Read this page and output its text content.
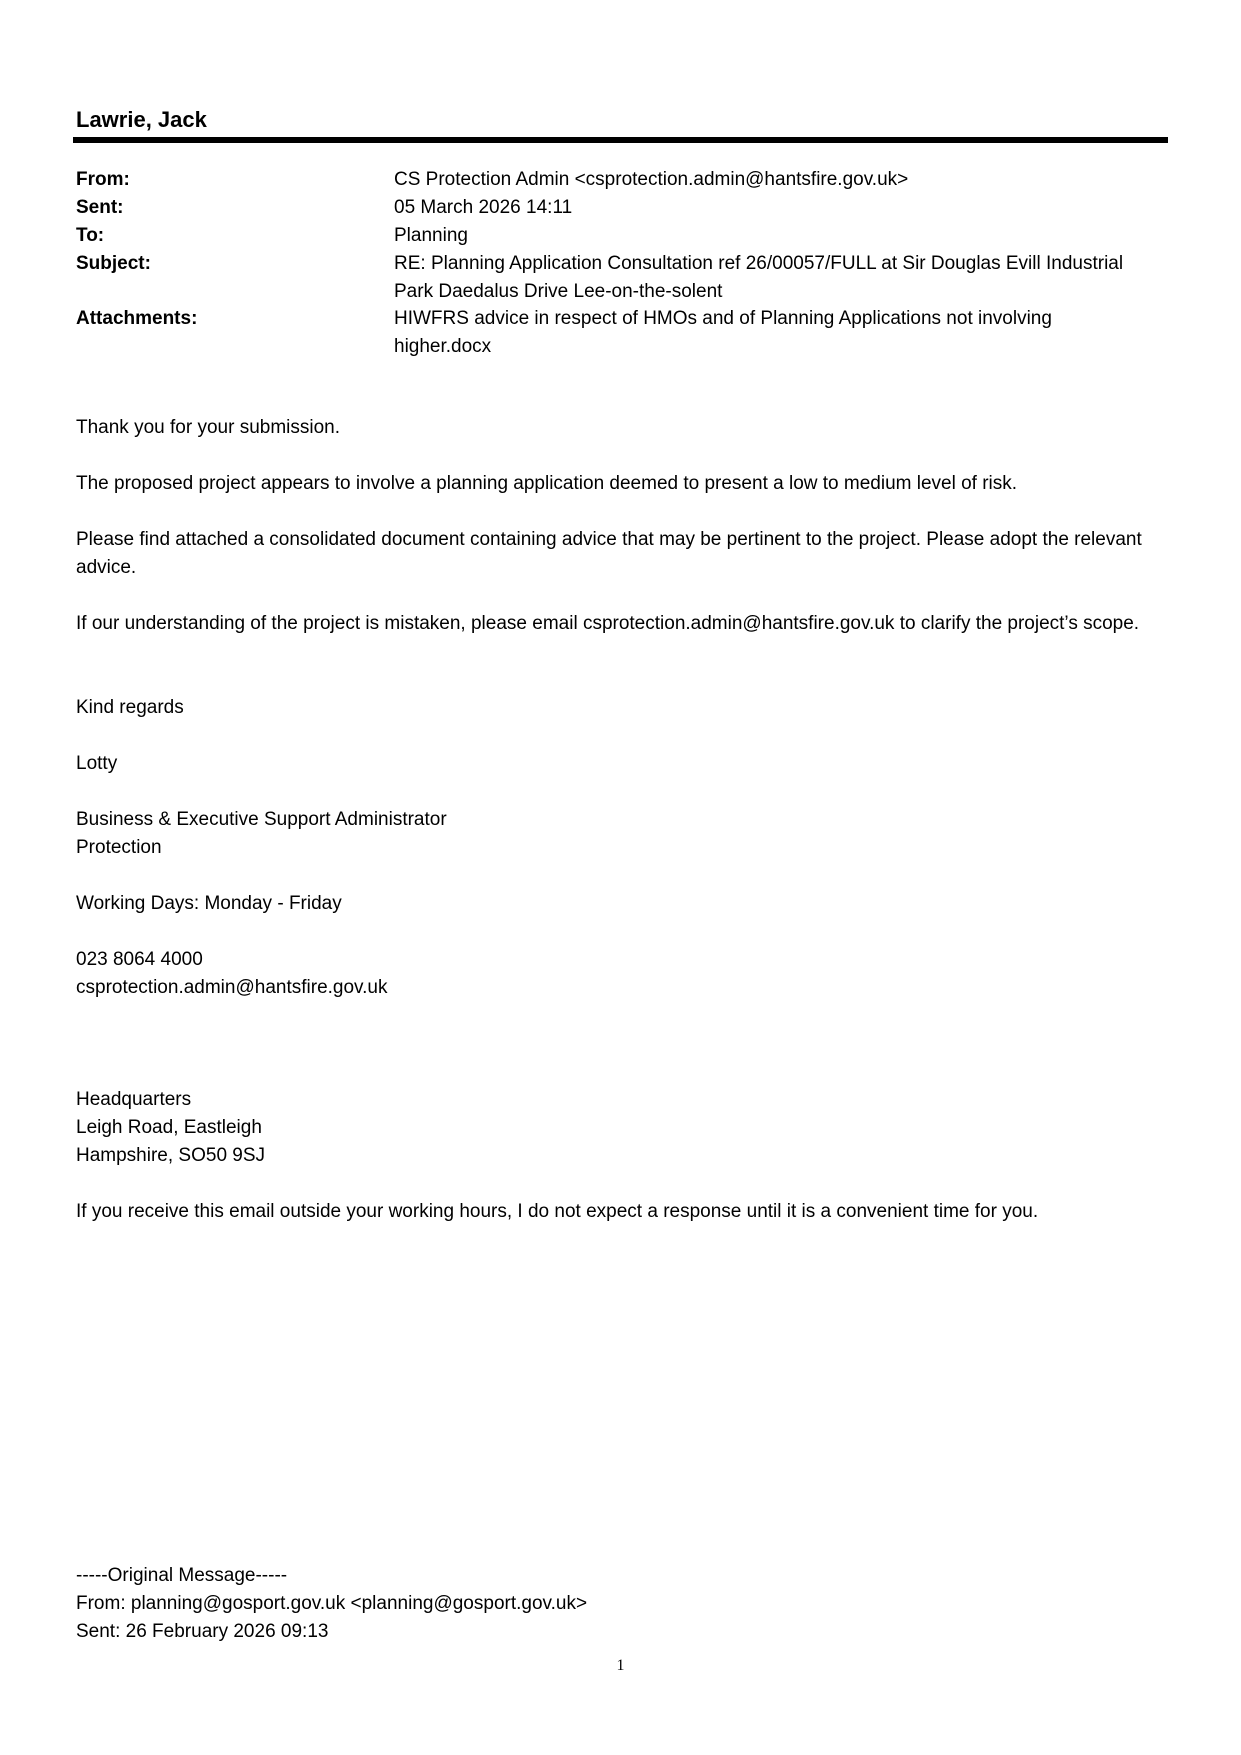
Lawrie, Jack
From:	CS Protection Admin <csprotection.admin@hantsfire.gov.uk>
Sent:	05 March 2026 14:11
To:	Planning
Subject:	RE: Planning Application Consultation ref 26/00057/FULL at Sir Douglas Evill Industrial Park Daedalus Drive Lee-on-the-solent
Attachments:	HIWFRS advice in respect of HMOs and of Planning Applications not involving higher.docx
Thank you for your submission.
The proposed project appears to involve a planning application deemed to present a low to medium level of risk.
Please find attached a consolidated document containing advice that may be pertinent to the project. Please adopt the relevant advice.
If our understanding of the project is mistaken, please email csprotection.admin@hantsfire.gov.uk to clarify the project’s scope.
Kind regards
Lotty
Business & Executive Support Administrator
Protection
Working Days: Monday - Friday
023 8064 4000
csprotection.admin@hantsfire.gov.uk
Headquarters
Leigh Road, Eastleigh
Hampshire, SO50 9SJ
If you receive this email outside your working hours, I do not expect a response until it is a convenient time for you.
-----Original Message-----
From: planning@gosport.gov.uk <planning@gosport.gov.uk>
Sent: 26 February 2026 09:13
1
